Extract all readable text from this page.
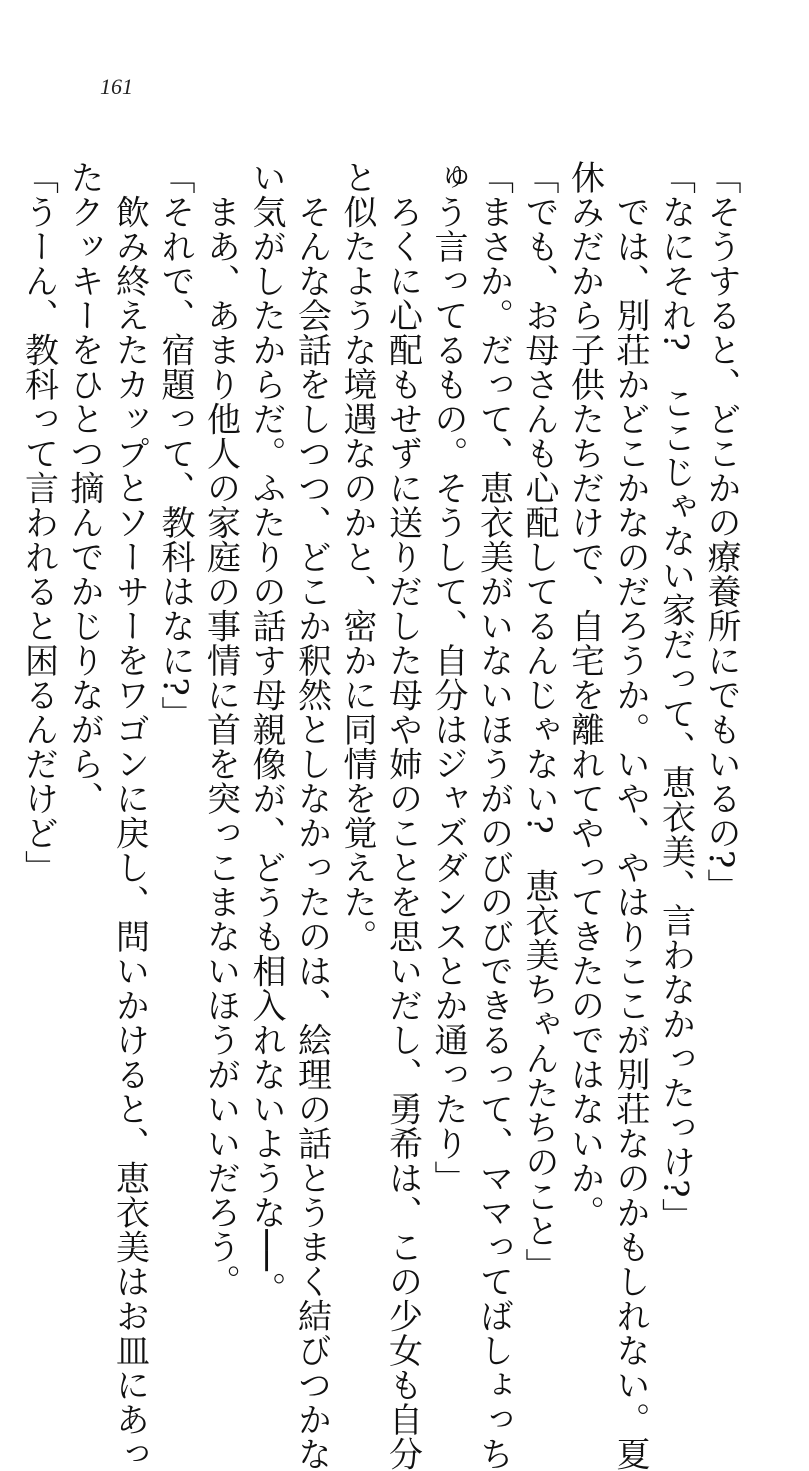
161
「そうすると、どこかの療養所にでもいるの?」
「なにそれ?　ここじゃない家だって、恵衣美、言わなかったっけ?」
　では、別荘かどこかなのだろうか。いや、やはりここが別荘なのかもしれない。夏
休みだから子供たちだけで、自宅を離れてやってきたのではないか。
「でも、お母さんも心配してるんじゃない?　恵衣美ちゃんたちのこと」
「まさか。だって、恵衣美がいないほうがのびのびできるって、ママってばしょっち
ゅう言ってるもの。そうして、自分はジャズダンスとか通ったり」
　ろくに心配もせずに送りだした母や姉のことを思いだし、勇希は、この少女も自分
と似たような境遇なのかと、密かに同情を覚えた。
　そんな会話をしつつ、どこか釈然としなかったのは、絵理の話とうまく結びつかな
い気がしたからだ。ふたりの話す母親像が、どうも相入れないような──。
　まあ、あまり他人の家庭の事情に首を突っこまないほうがいいだろう。
「それで、宿題って、教科はなに?」
　飲み終えたカップとソーサーをワゴンに戻し、問いかけると、恵衣美はお皿にあっ
たクッキーをひとつ摘んでかじりながら、
「うーん、教科って言われると困るんだけど」
